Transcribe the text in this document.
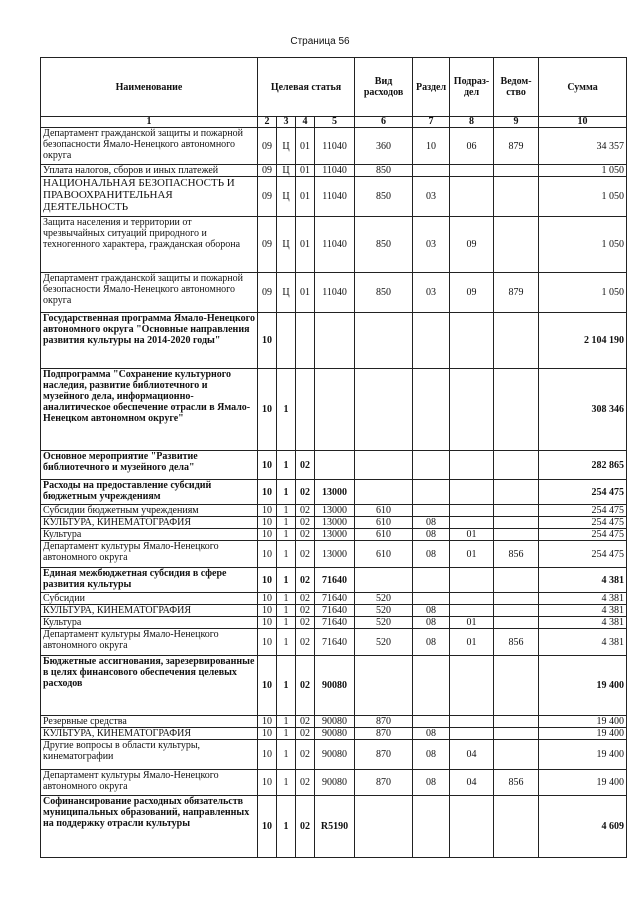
Страница 56
Наименование	Целевая статья				Вид расходов	Раздел	Подраз-дел	Ведом-ство	Сумма
1	2	3	4	5	6	7	8	9	10
Департамент гражданской защиты и пожарной безопасности Ямало-Ненецкого автономного округа	09	Ц	01	11040	360	10	06	879	34 357
Уплата налогов, сборов и иных платежей	09	Ц	01	11040	850				1 050
НАЦИОНАЛЬНАЯ БЕЗОПАСНОСТЬ И ПРАВООХРАНИТЕЛЬНАЯ ДЕЯТЕЛЬНОСТЬ	09	Ц	01	11040	850	03			1 050
Защита населения и территории от чрезвычайных ситуаций природного и техногенного характера, гражданская оборона	09	Ц	01	11040	850	03	09		1 050
Департамент гражданской защиты и пожарной безопасности Ямало-Ненецкого автономного округа	09	Ц	01	11040	850	03	09	879	1 050
Государственная программа Ямало-Ненецкого автономного округа "Основные направления развития культуры на 2014-2020 годы"	10								2 104 190
Подпрограмма "Сохранение культурного наследия, развитие библиотечного и музейного дела, информационно-аналитическое обеспечение отрасли в Ямало-Ненецком автономном округе"	10	1							308 346
Основное мероприятие "Развитие библиотечного и музейного дела"	10	1	02						282 865
Расходы на предоставление субсидий бюджетным учреждениям	10	1	02	13000					254 475
Субсидии бюджетным учреждениям	10	1	02	13000	610				254 475
КУЛЬТУРА, КИНЕМАТОГРАФИЯ	10	1	02	13000	610	08			254 475
Культура	10	1	02	13000	610	08	01		254 475
Департамент культуры Ямало-Ненецкого автономного округа	10	1	02	13000	610	08	01	856	254 475
Единая межбюджетная субсидия в сфере развития культуры	10	1	02	71640					4 381
Субсидии	10	1	02	71640	520				4 381
КУЛЬТУРА, КИНЕМАТОГРАФИЯ	10	1	02	71640	520	08			4 381
Культура	10	1	02	71640	520	08	01		4 381
Департамент культуры Ямало-Ненецкого автономного округа	10	1	02	71640	520	08	01	856	4 381
Бюджетные ассигнования, зарезервированные в целях финансового обеспечения целевых расходов	10	1	02	90080					19 400
Резервные средства	10	1	02	90080	870				19 400
КУЛЬТУРА, КИНЕМАТОГРАФИЯ	10	1	02	90080	870	08			19 400
Другие вопросы в области культуры, кинематографии	10	1	02	90080	870	08	04		19 400
Департамент культуры Ямало-Ненецкого автономного округа	10	1	02	90080	870	08	04	856	19 400
Софинансирование расходных обязательств муниципальных образований, направленных на поддержку отрасли культуры	10	1	02	R5190					4 609
